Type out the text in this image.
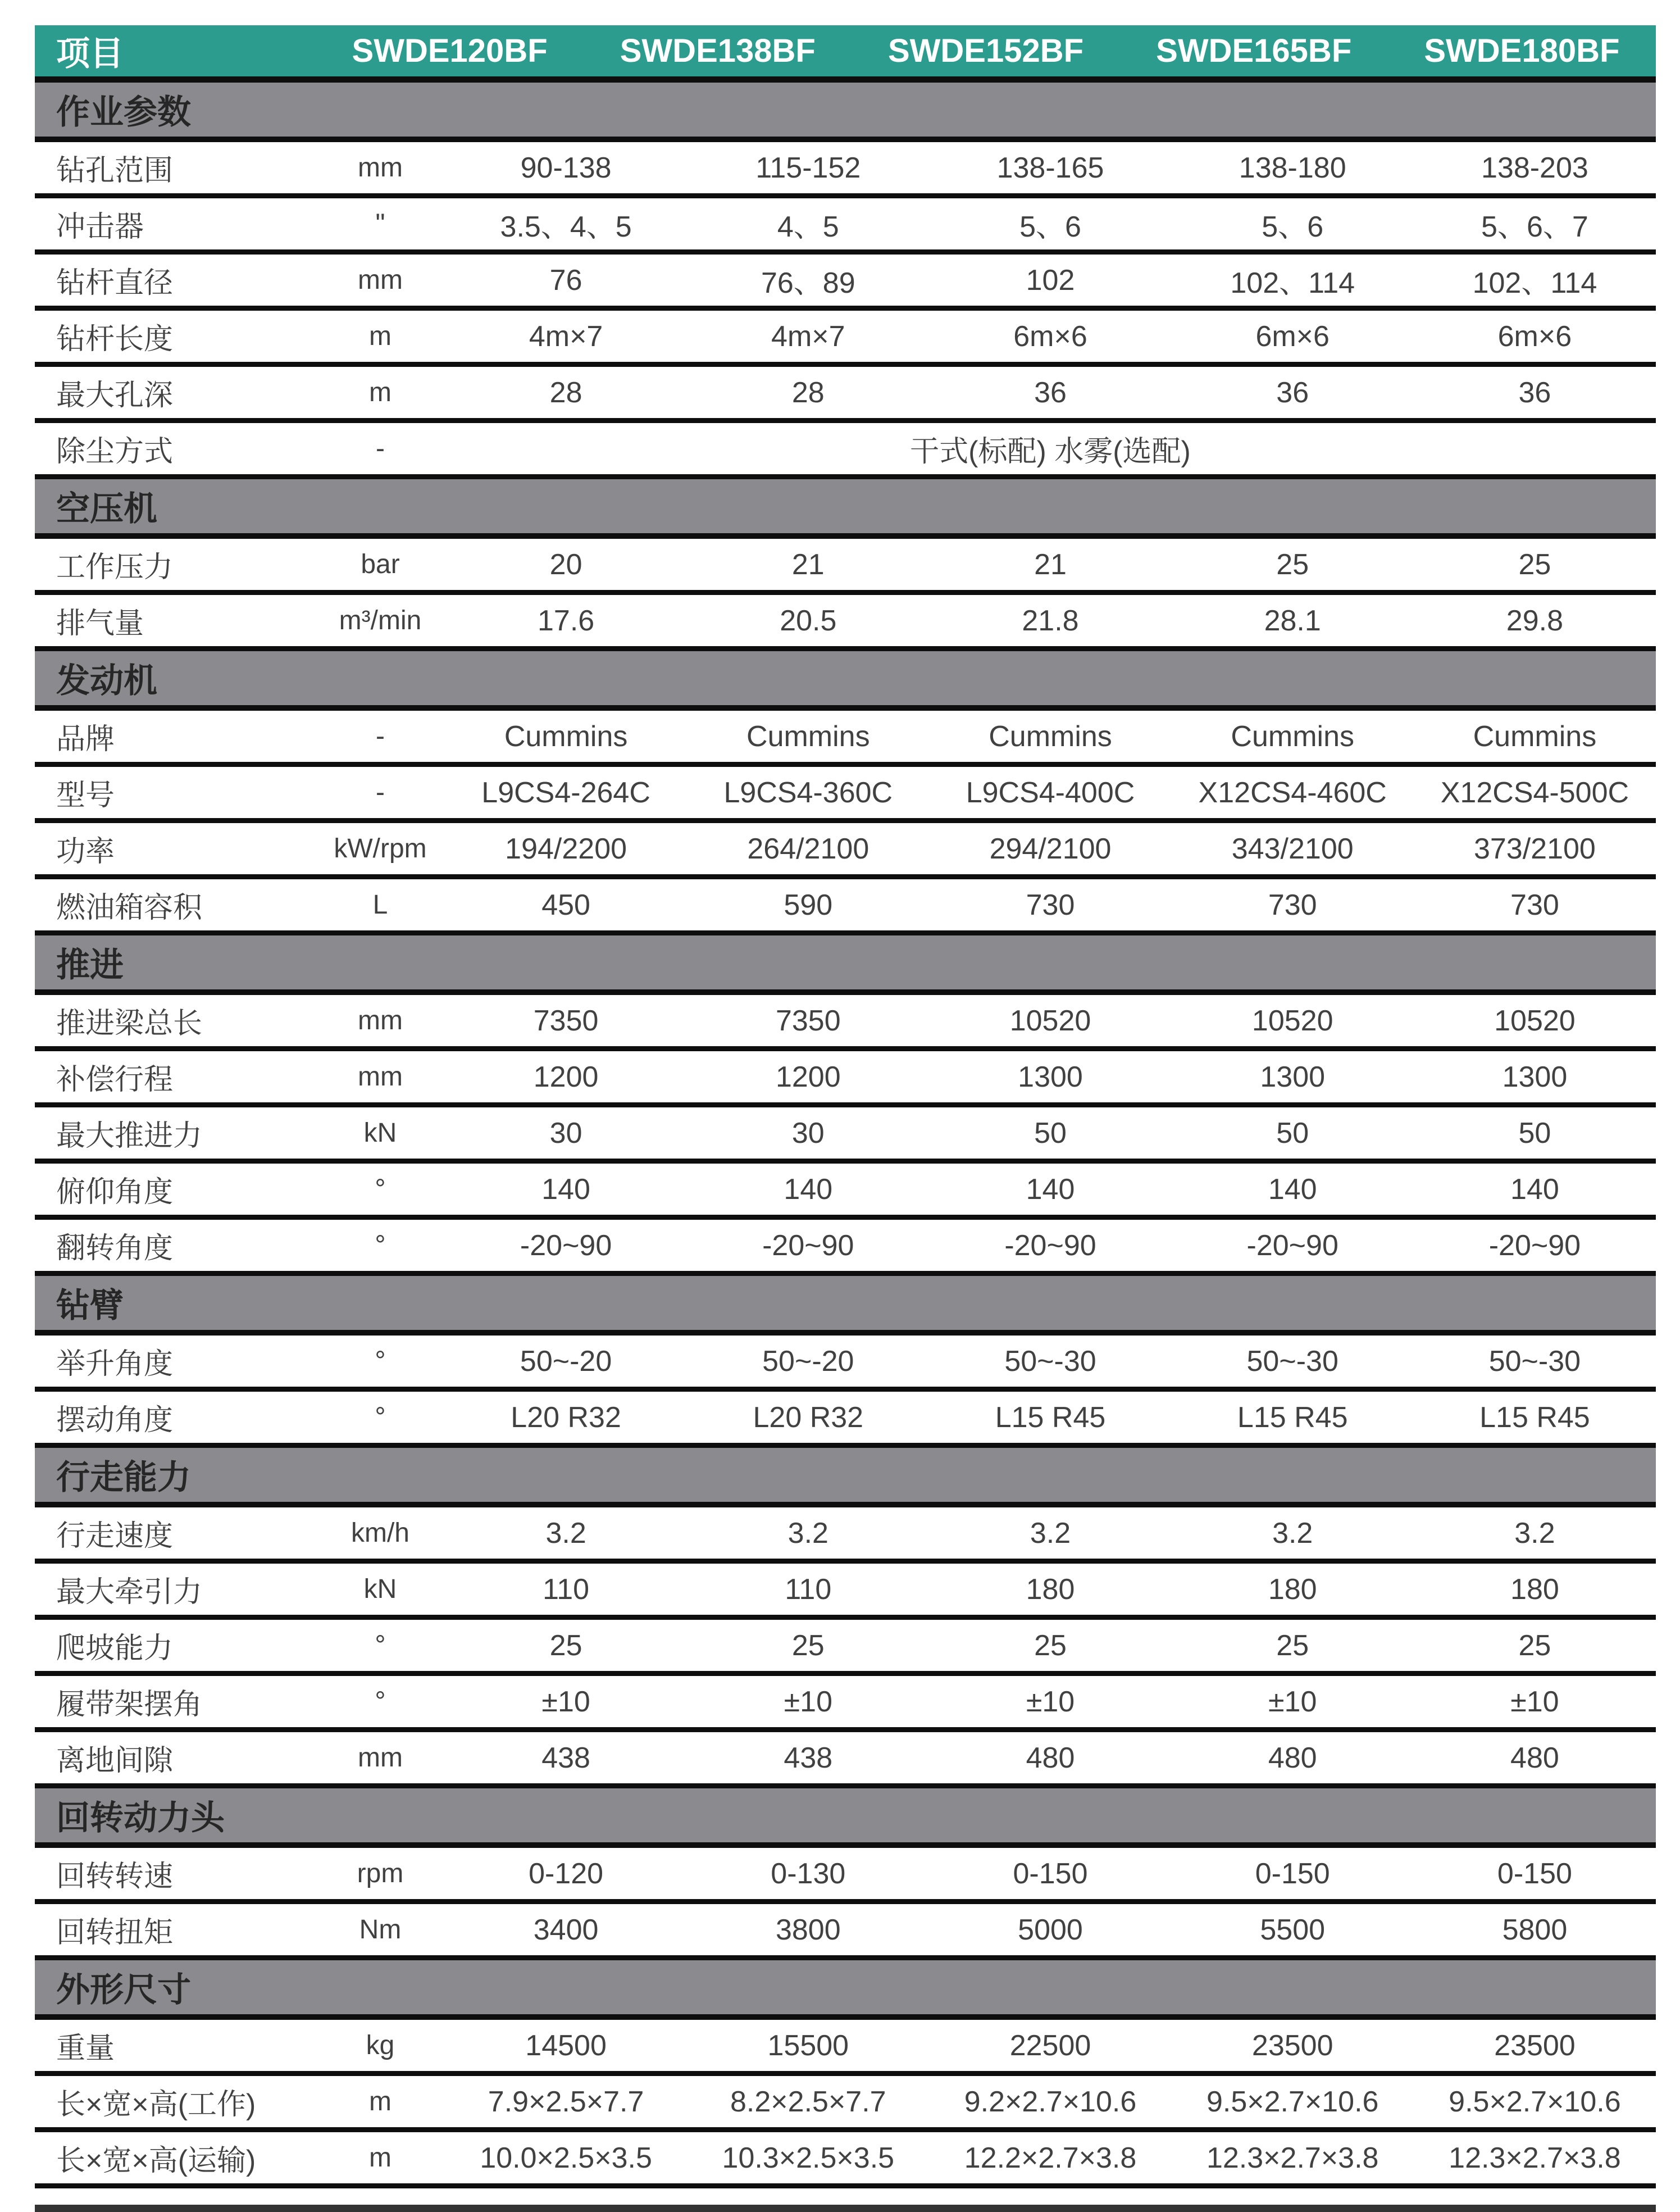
项目	SWDE120BF	SWDE138BF	SWDE152BF	SWDE165BF	SWDE180BF
作业参数
钻孔范围	mm	90-138	115-152	138-165	138-180	138-203
冲击器	"	3.5、4、5	4、5	5、6	5、6	5、6、7
钻杆直径	mm	76	76、89	102	102、114	102、114
钻杆长度	m	4m×7	4m×7	6m×6	6m×6	6m×6
最大孔深	m	28	28	36	36	36
除尘方式	-	干式(标配) 水雾(选配)
空压机
工作压力	bar	20	21	21	25	25
排气量	m³/min	17.6	20.5	21.8	28.1	29.8
发动机
品牌	-	Cummins	Cummins	Cummins	Cummins	Cummins
型号	-	L9CS4-264C	L9CS4-360C	L9CS4-400C	X12CS4-460C	X12CS4-500C
功率	kW/rpm	194/2200	264/2100	294/2100	343/2100	373/2100
燃油箱容积	L	450	590	730	730	730
推进
推进梁总长	mm	7350	7350	10520	10520	10520
补偿行程	mm	1200	1200	1300	1300	1300
最大推进力	kN	30	30	50	50	50
俯仰角度	°	140	140	140	140	140
翻转角度	°	-20~90	-20~90	-20~90	-20~90	-20~90
钻臂
举升角度	°	50~-20	50~-20	50~-30	50~-30	50~-30
摆动角度	°	L20 R32	L20 R32	L15 R45	L15 R45	L15 R45
行走能力
行走速度	km/h	3.2	3.2	3.2	3.2	3.2
最大牵引力	kN	110	110	180	180	180
爬坡能力	°	25	25	25	25	25
履带架摆角	°	±10	±10	±10	±10	±10
离地间隙	mm	438	438	480	480	480
回转动力头
回转转速	rpm	0-120	0-130	0-150	0-150	0-150
回转扭矩	Nm	3400	3800	5000	5500	5800
外形尺寸
重量	kg	14500	15500	22500	23500	23500
长×宽×高(工作)	m	7.9×2.5×7.7	8.2×2.5×7.7	9.2×2.7×10.6	9.5×2.7×10.6	9.5×2.7×10.6
长×宽×高(运输)	m	10.0×2.5×3.5	10.3×2.5×3.5	12.2×2.7×3.8	12.3×2.7×3.8	12.3×2.7×3.8
